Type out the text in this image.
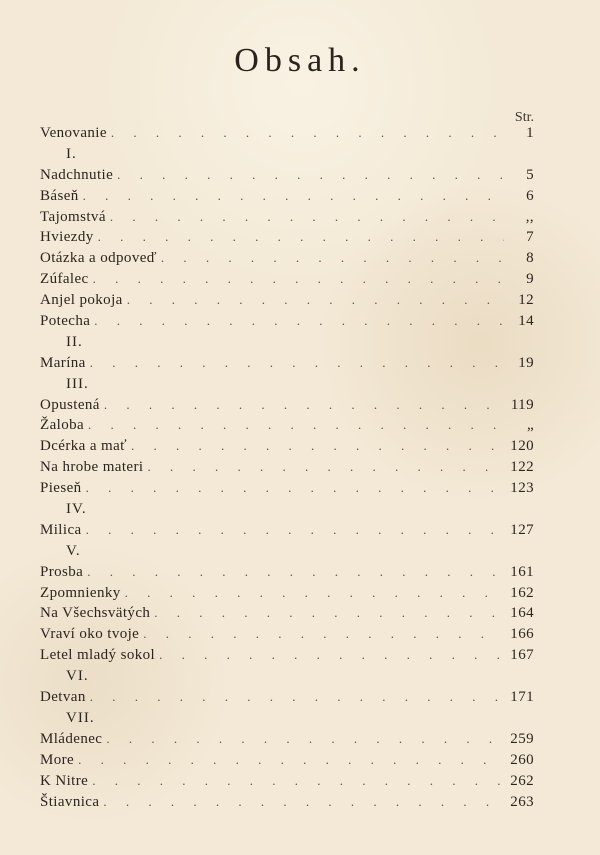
Obsah.
Str.
Venovanie . . .	1
I.
Nadchnutie . . .	5
Báseň . . .	6
Tajomstvá . . .	,,
Hviezdy . . .	7
Otázka a odpoveď . . .	8
Zúfalec . . .	9
Anjel pokoja . . .	12
Potecha . . .	14
II.
Marína . . .	19
III.
Opustená . . .	119
Žaloba . . .	„
Dcérka a mať . . .	120
Na hrobe materi . . .	122
Pieseň . . .	123
IV.
Milica . . .	127
V.
Prosba . . .	161
Zpomnienky . . .	162
Na Všechsvätých . . .	164
Vraví oko tvoje . . .	166
Letel mladý sokol . . .	167
VI.
Detvan . . .	171
VII.
Mládenec . . .	259
More . . .	260
K Nitre . . .	262
Štiavnica . . .	263
